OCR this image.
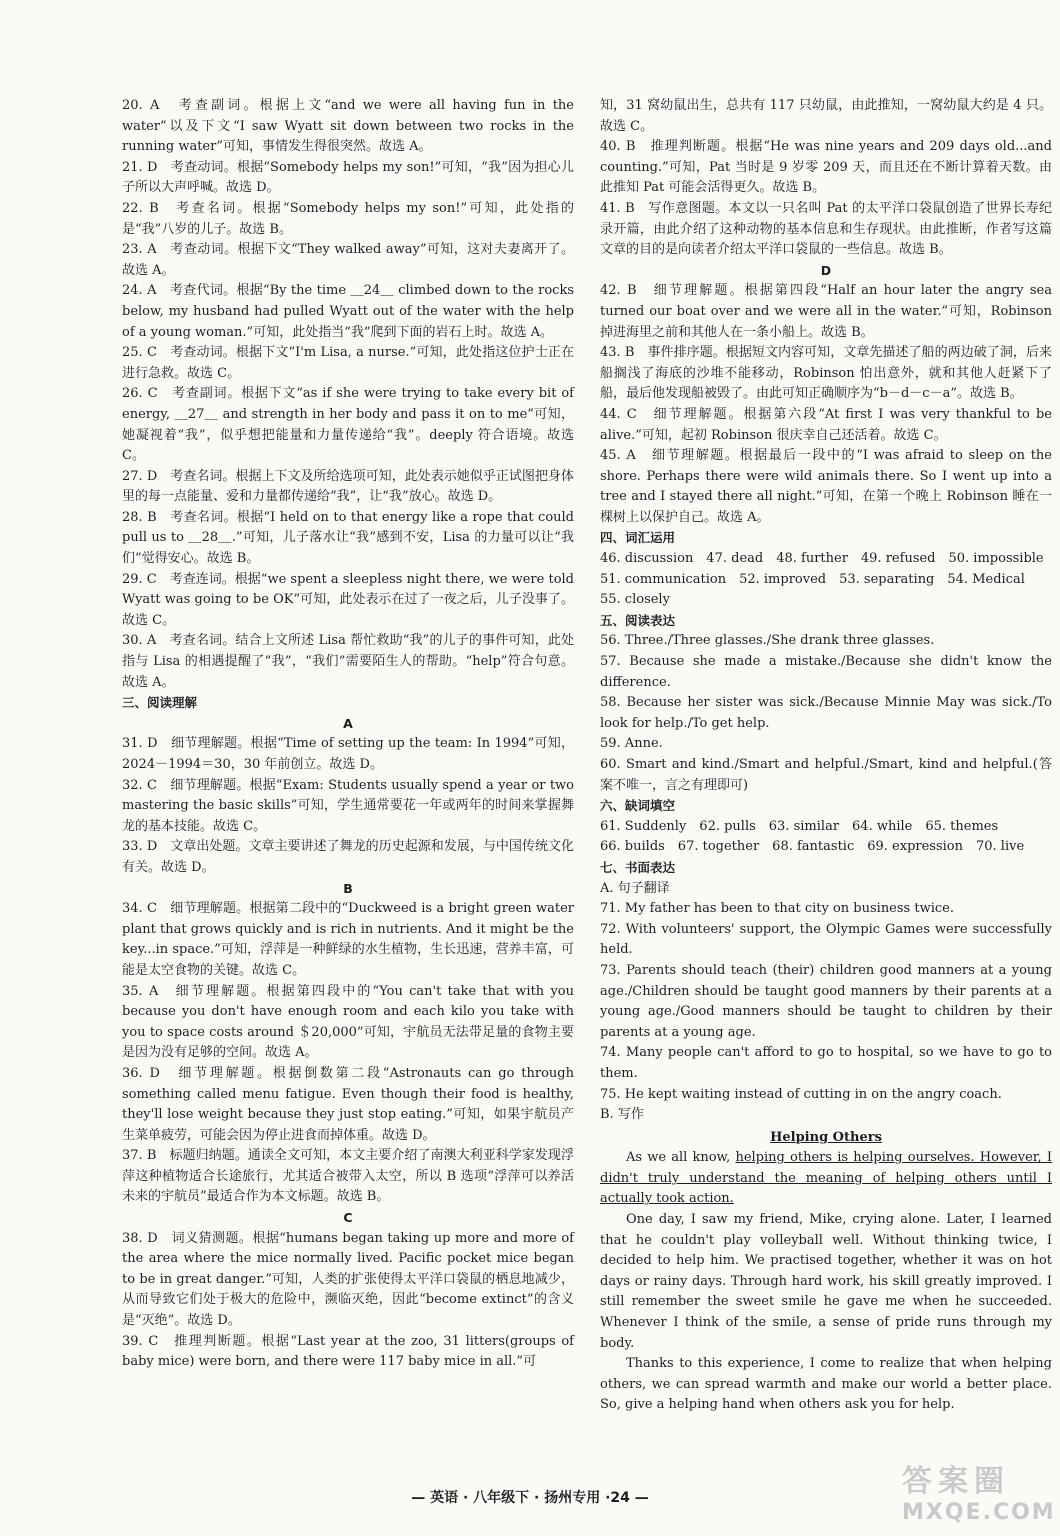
20. A　考查副词。根据上文“and we were all having fun in the water”以及下文“I saw Wyatt sit down between two rocks in the running water”可知，事情发生得很突然。故选 A。
21. D　考查动词。根据“Somebody helps my son!”可知，“我”因为担心儿子所以大声呼喊。故选 D。
22. B　考查名词。根据“Somebody helps my son!”可知，此处指的是“我”八岁的儿子。故选 B。
23. A　考查动词。根据下文“They walked away”可知，这对夫妻离开了。故选 A。
24. A　考查代词。根据“By the time ＿24＿ climbed down to the rocks below, my husband had pulled Wyatt out of the water with the help of a young woman.”可知，此处指当“我”爬到下面的岩石上时。故选 A。
25. C　考查动词。根据下文“I'm Lisa, a nurse.”可知，此处指这位护士正在进行急救。故选 C。
26. C　考查副词。根据下文“as if she were trying to take every bit of energy, ＿27＿ and strength in her body and pass it on to me”可知，她凝视着“我”，似乎想把能量和力量传递给“我”。deeply 符合语境。故选 C。
27. D　考查名词。根据上下文及所给选项可知，此处表示她似乎正试图把身体里的每一点能量、爱和力量都传递给“我”，让“我”放心。故选 D。
28. B　考查名词。根据“I held on to that energy like a rope that could pull us to ＿28＿.”可知，儿子落水让“我”感到不安，Lisa 的力量可以让“我们”觉得安心。故选 B。
29. C　考查连词。根据“we spent a sleepless night there, we were told Wyatt was going to be OK”可知，此处表示在过了一夜之后，儿子没事了。故选 C。
30. A　考查名词。结合上文所述 Lisa 帮忙救助“我”的儿子的事件可知，此处指与 Lisa 的相遇提醒了“我”，“我们”需要陌生人的帮助。“help”符合句意。故选 A。
三、阅读理解
A
31. D　细节理解题。根据“Time of setting up the team: In 1994”可知，2024－1994＝30，30 年前创立。故选 D。
32. C　细节理解题。根据“Exam: Students usually spend a year or two mastering the basic skills”可知，学生通常要花一年或两年的时间来掌握舞龙的基本技能。故选 C。
33. D　文章出处题。文章主要讲述了舞龙的历史起源和发展，与中国传统文化有关。故选 D。
B
34. C　细节理解题。根据第二段中的“Duckweed is a bright green water plant that grows quickly and is rich in nutrients. And it might be the key...in space.”可知，浮萍是一种鲜绿的水生植物，生长迅速，营养丰富，可能是太空食物的关键。故选 C。
35. A　细节理解题。根据第四段中的“You can't take that with you because you don't have enough room and each kilo you take with you to space costs around ＄20,000”可知，宇航员无法带足量的食物主要是因为没有足够的空间。故选 A。
36. D　细节理解题。根据倒数第二段“Astronauts can go through something called menu fatigue. Even though their food is healthy, they'll lose weight because they just stop eating.”可知，如果宇航员产生菜单疲劳，可能会因为停止进食而掉体重。故选 D。
37. B　标题归纳题。通读全文可知，本文主要介绍了南澳大利亚科学家发现浮萍这种植物适合长途旅行，尤其适合被带入太空，所以 B 选项“浮萍可以养活未来的宇航员”最适合作为本文标题。故选 B。
C
38. D　词义猜测题。根据“humans began taking up more and more of the area where the mice normally lived. Pacific pocket mice began to be in great danger.”可知，人类的扩张使得太平洋口袋鼠的栖息地减少，从而导致它们处于极大的危险中，濒临灭绝，因此“become extinct”的含义是“灭绝”。故选 D。
39. C　推理判断题。根据“Last year at the zoo, 31 litters(groups of baby mice) were born, and there were 117 baby mice in all.”可
知，31 窝幼鼠出生，总共有 117 只幼鼠，由此推知，一窝幼鼠大约是 4 只。故选 C。
40. B　推理判断题。根据“He was nine years and 209 days old...and counting.”可知，Pat 当时是 9 岁零 209 天，而且还在不断计算着天数。由此推知 Pat 可能会活得更久。故选 B。
41. B　写作意图题。本文以一只名叫 Pat 的太平洋口袋鼠创造了世界长寿纪录开篇，由此介绍了这种动物的基本信息和生存现状。由此推断，作者写这篇文章的目的是向读者介绍太平洋口袋鼠的一些信息。故选 B。
D
42. B　细节理解题。根据第四段“Half an hour later the angry sea turned our boat over and we were all in the water.”可知，Robinson 掉进海里之前和其他人在一条小船上。故选 B。
43. B　事件排序题。根据短文内容可知，文章先描述了船的两边破了洞，后来船搁浅了海底的沙堆不能移动，Robinson 怕出意外，就和其他人赶紧下了船，最后他发现船被毁了。由此可知正确顺序为“b－d－c－a”。故选 B。
44. C　细节理解题。根据第六段“At first I was very thankful to be alive.”可知，起初 Robinson 很庆幸自己还活着。故选 C。
45. A　细节理解题。根据最后一段中的“I was afraid to sleep on the shore. Perhaps there were wild animals there. So I went up into a tree and I stayed there all night.”可知，在第一个晚上 Robinson 睡在一棵树上以保护自己。故选 A。
四、词汇运用
46. discussion　47. dead　48. further　49. refused　50. impossible
51. communication　52. improved　53. separating　54. Medical
55. closely
五、阅读表达
56. Three./Three glasses./She drank three glasses.
57. Because she made a mistake./Because she didn't know the difference.
58. Because her sister was sick./Because Minnie May was sick./To look for help./To get help.
59. Anne.
60. Smart and kind./Smart and helpful./Smart, kind and helpful.(答案不唯一，言之有理即可)
六、缺词填空
61. Suddenly　62. pulls　63. similar　64. while　65. themes
66. builds　67. together　68. fantastic　69. expression　70. live
七、书面表达
A. 句子翻译
71. My father has been to that city on business twice.
72. With volunteers' support, the Olympic Games were successfully held.
73. Parents should teach (their) children good manners at a young age./Children should be taught good manners by their parents at a young age./Good manners should be taught to children by their parents at a young age.
74. Many people can't afford to go to hospital, so we have to go to them.
75. He kept waiting instead of cutting in on the angry coach.
B. 写作
Helping Others

As we all know, helping others is helping ourselves. However, I didn't truly understand the meaning of helping others until I actually took action.

One day, I saw my friend, Mike, crying alone. Later, I learned that he couldn't play volleyball well. Without thinking twice, I decided to help him. We practised together, whether it was on hot days or rainy days. Through hard work, his skill greatly improved. I still remember the sweet smile he gave me when he succeeded. Whenever I think of the smile, a sense of pride runs through my body.

Thanks to this experience, I come to realize that when helping others, we can spread warmth and make our world a better place. So, give a helping hand when others ask you for help.

— 英语 · 八年级下 · 扬州专用 ·24 —	答案圈
MXQE.COM
